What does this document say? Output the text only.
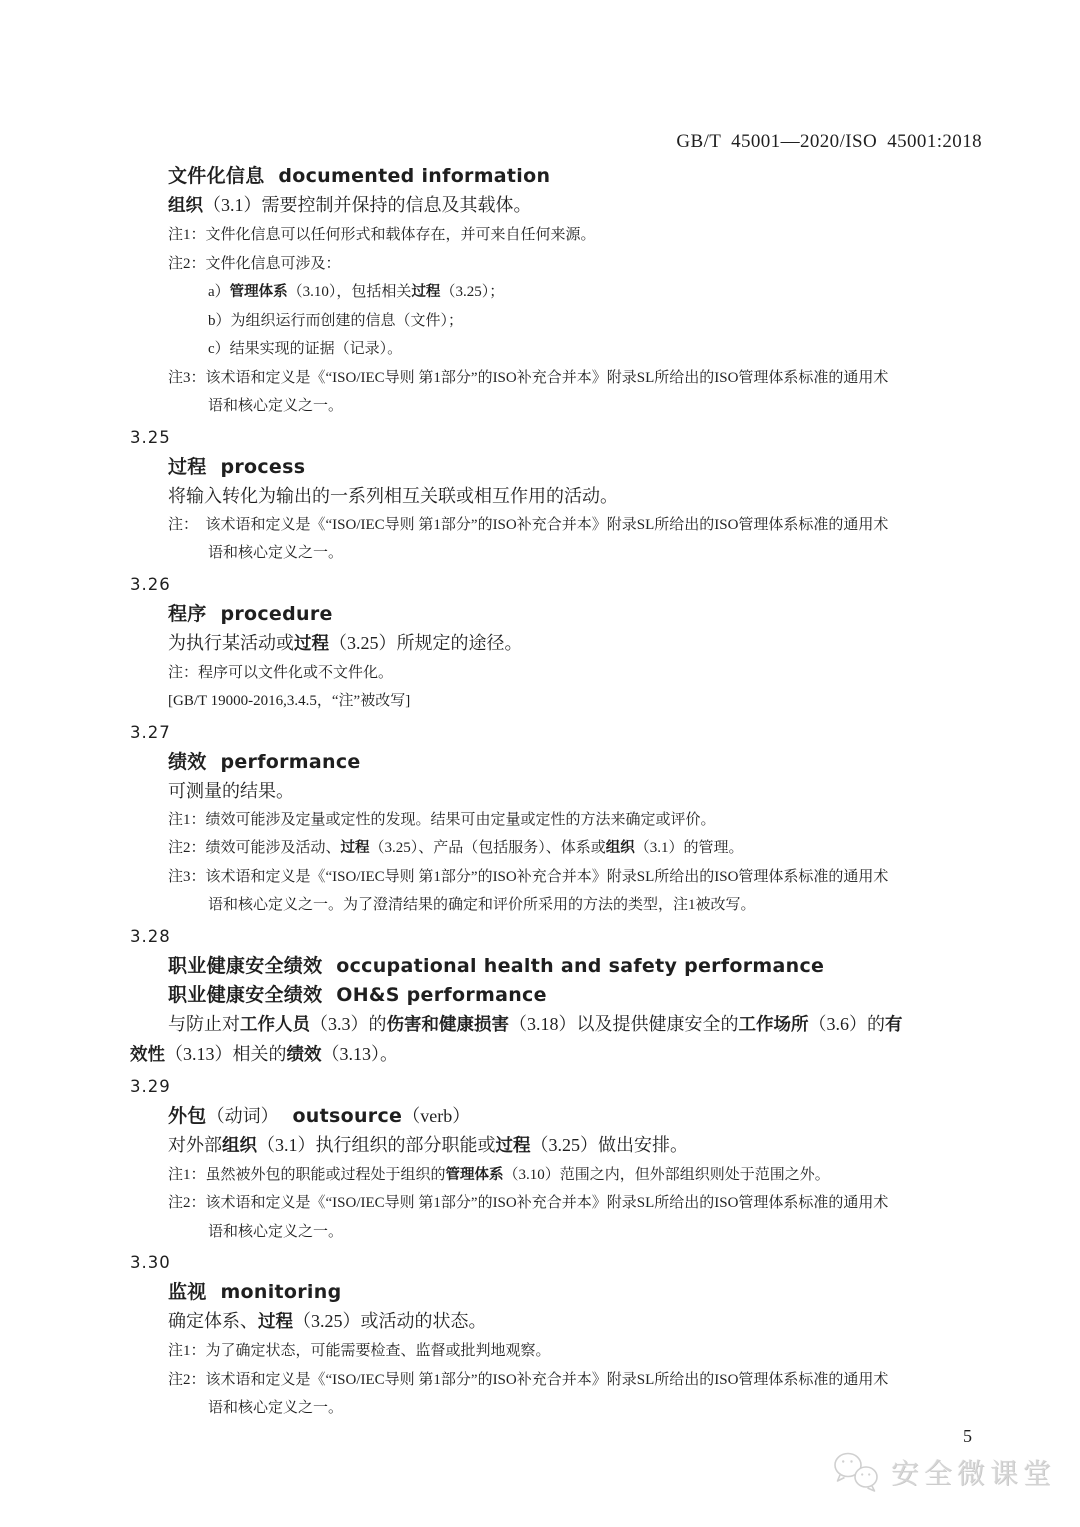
GB/T 45001—2020/ISO 45001:2018
文件化信息  documented information
组织（3.1）需要控制并保持的信息及其载体。
注1：文件化信息可以任何形式和载体存在，并可来自任何来源。
注2：文件化信息可涉及：
a）管理体系（3.10），包括相关过程（3.25）；
b）为组织运行而创建的信息（文件）；
c）结果实现的证据（记录）。
注3：该术语和定义是《“ISO/IEC导则 第1部分”的ISO补充合并本》附录SL所给出的ISO管理体系标准的通用术
语和核心定义之一。
3.25
过程  process
将输入转化为输出的一系列相互关联或相互作用的活动。
注：  该术语和定义是《“ISO/IEC导则 第1部分”的ISO补充合并本》附录SL所给出的ISO管理体系标准的通用术
语和核心定义之一。
3.26
程序  procedure
为执行某活动或过程（3.25）所规定的途径。
注：程序可以文件化或不文件化。
[GB/T 19000-2016,3.4.5，“注”被改写]
3.27
绩效  performance
可测量的结果。
注1：绩效可能涉及定量或定性的发现。结果可由定量或定性的方法来确定或评价。
注2：绩效可能涉及活动、过程（3.25）、产品（包括服务）、体系或组织（3.1）的管理。
注3：该术语和定义是《“ISO/IEC导则 第1部分”的ISO补充合并本》附录SL所给出的ISO管理体系标准的通用术
语和核心定义之一。为了澄清结果的确定和评价所采用的方法的类型，注1被改写。
3.28
职业健康安全绩效  occupational health and safety performance
职业健康安全绩效  OH&S performance
与防止对工作人员（3.3）的伤害和健康损害（3.18）以及提供健康安全的工作场所（3.6）的有
效性（3.13）相关的绩效（3.13）。
3.29
外包（动词）  outsource（verb）
对外部组织（3.1）执行组织的部分职能或过程（3.25）做出安排。
注1：虽然被外包的职能或过程处于组织的管理体系（3.10）范围之内，但外部组织则处于范围之外。
注2：该术语和定义是《“ISO/IEC导则 第1部分”的ISO补充合并本》附录SL所给出的ISO管理体系标准的通用术
语和核心定义之一。
3.30
监视  monitoring
确定体系、过程（3.25）或活动的状态。
注1：为了确定状态，可能需要检查、监督或批判地观察。
注2：该术语和定义是《“ISO/IEC导则 第1部分”的ISO补充合并本》附录SL所给出的ISO管理体系标准的通用术
语和核心定义之一。
5
安全微课堂
